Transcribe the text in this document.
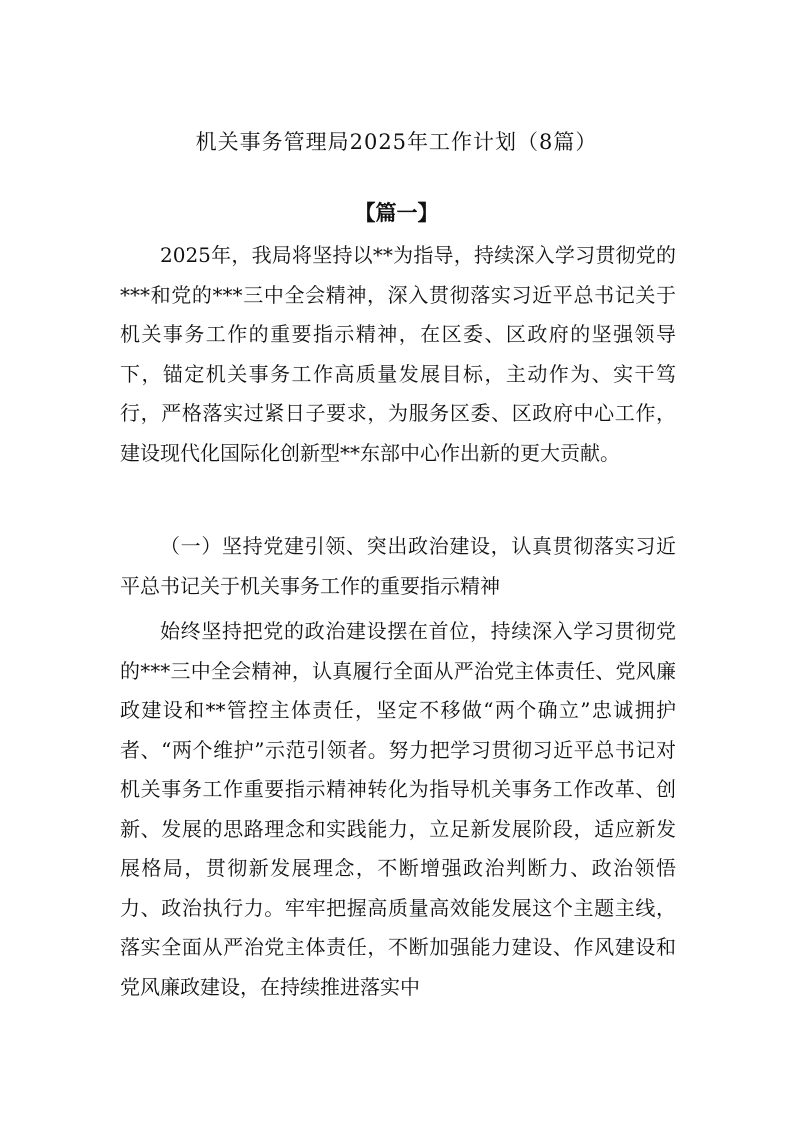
机关事务管理局2025年工作计划（8篇）
【篇一】

2025年，我局将坚持以**为指导，持续深入学习贯彻党的***和党的***三中全会精神，深入贯彻落实习近平总书记关于机关事务工作的重要指示精神，在区委、区政府的坚强领导下，锚定机关事务工作高质量发展目标，主动作为、实干笃行，严格落实过紧日子要求，为服务区委、区政府中心工作，建设现代化国际化创新型**东部中心作出新的更大贡献。

（一）坚持党建引领、突出政治建设，认真贯彻落实习近平总书记关于机关事务工作的重要指示精神

始终坚持把党的政治建设摆在首位，持续深入学习贯彻党的***三中全会精神，认真履行全面从严治党主体责任、党风廉政建设和**管控主体责任，坚定不移做“两个确立”忠诚拥护者、“两个维护”示范引领者。努力把学习贯彻习近平总书记对机关事务工作重要指示精神转化为指导机关事务工作改革、创新、发展的思路理念和实践能力，立足新发展阶段，适应新发展格局，贯彻新发展理念，不断增强政治判断力、政治领悟力、政治执行力。牢牢把握高质量高效能发展这个主题主线，落实全面从严治党主体责任，不断加强能力建设、作风建设和党风廉政建设，在持续推进落实中
